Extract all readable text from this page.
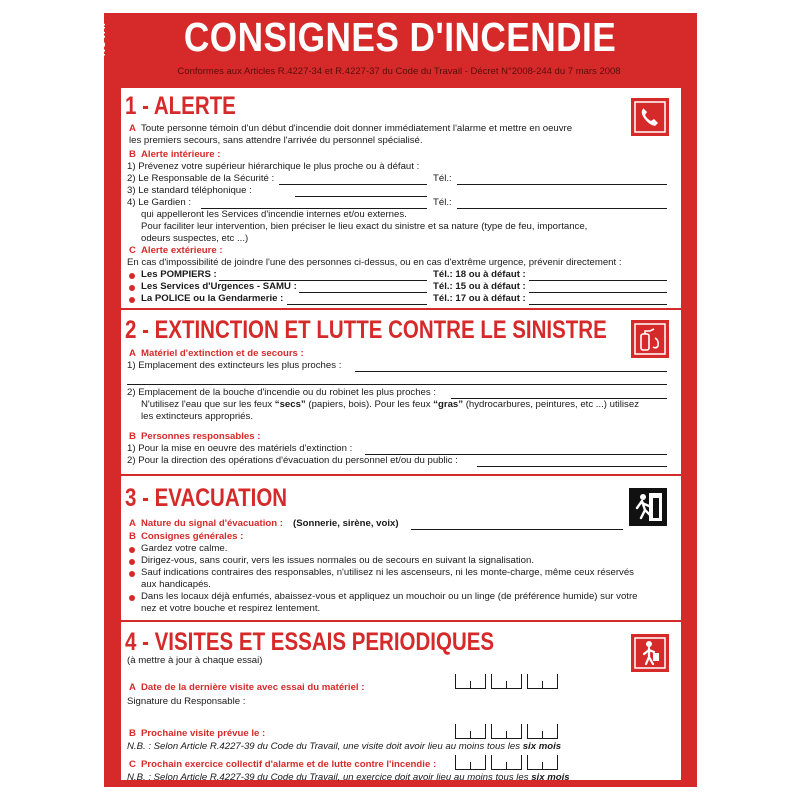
NOVAP	CONSIGNES D'INCENDIE
Conformes aux Articles R.4227-34 et R.4227-37 du Code du Travail - Décret N°2008-244 du 7 mars 2008
1 - ALERTE
A Toute personne témoin d'un début d'incendie doit donner immédiatement l'alarme et mettre en oeuvre
les premiers secours, sans attendre l'arrivée du personnel spécialisé.
B Alerte intérieure :
1) Prévenez votre supérieur hiérarchique le plus proche ou à défaut :
2) Le Responsable de la Sécurité :	Tél.:
3) Le standard téléphonique :
4) Le Gardien :	Tél.:
qui appelleront les Services d'incendie internes et/ou externes.
Pour faciliter leur intervention, bien préciser le lieu exact du sinistre et sa nature (type de feu, importance,
odeurs suspectes, etc ...)
C Alerte extérieure :
En cas d'impossibilité de joindre l'une des personnes ci-dessus, ou en cas d'extrême urgence, prévenir directement :
Les POMPIERS :	Tél.: 18 ou à défaut :
Les Services d'Urgences - SAMU :	Tél.: 15 ou à défaut :
La POLICE ou la Gendarmerie :	Tél.: 17 ou à défaut :
2 - EXTINCTION ET LUTTE CONTRE LE SINISTRE
A Matériel d'extinction et de secours :
1) Emplacement des extincteurs les plus proches :
2) Emplacement de la bouche d'incendie ou du robinet les plus proches :
N'utilisez l'eau que sur les feux “secs” (papiers, bois). Pour les feux “gras” (hydrocarbures, peintures, etc ...) utilisez
les extincteurs appropriés.
B Personnes responsables :
1) Pour la mise en oeuvre des matériels d'extinction :
2) Pour la direction des opérations d'évacuation du personnel et/ou du public :
3 - EVACUATION
A Nature du signal d'évacuation : (Sonnerie, sirène, voix)
B Consignes générales :
Gardez votre calme.
Dirigez-vous, sans courir, vers les issues normales ou de secours en suivant la signalisation.
Sauf indications contraires des responsables, n'utilisez ni les ascenseurs, ni les monte-charge, même ceux réservés
aux handicapés.
Dans les locaux déjà enfumés, abaissez-vous et appliquez un mouchoir ou un linge (de préférence humide) sur votre
nez et votre bouche et respirez lentement.
4 - VISITES ET ESSAIS PERIODIQUES
(à mettre à jour à chaque essai)
A Date de la dernière visite avec essai du matériel :
Signature du Responsable :
B Prochaine visite prévue le :
N.B. : Selon Article R.4227-39 du Code du Travail, une visite doit avoir lieu au moins tous les six mois
C Prochain exercice collectif d'alarme et de lutte contre l'incendie :
N.B. : Selon Article R.4227-39 du Code du Travail, un exercice doit avoir lieu au moins tous les six mois
